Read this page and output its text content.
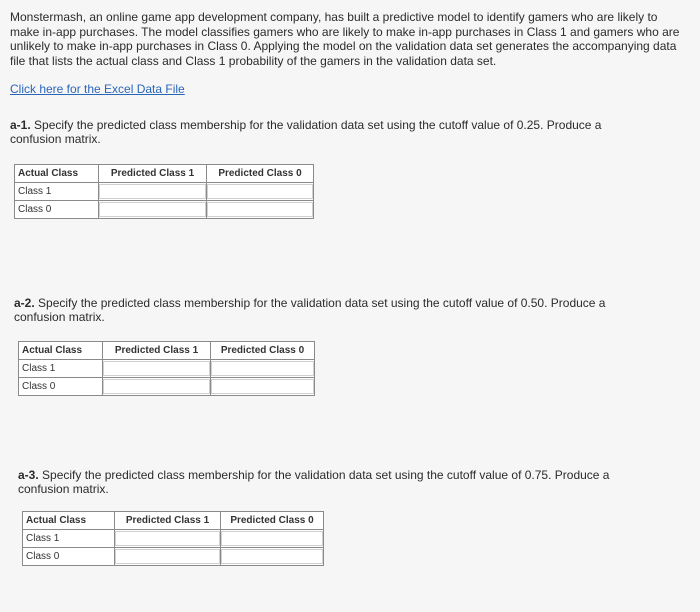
Monstermash, an online game app development company, has built a predictive model to identify gamers who are likely to make in-app purchases. The model classifies gamers who are likely to make in-app purchases in Class 1 and gamers who are unlikely to make in-app purchases in Class 0. Applying the model on the validation data set generates the accompanying data file that lists the actual class and Class 1 probability of the gamers in the validation data set.

Click here for the Excel Data File

a-1. Specify the predicted class membership for the validation data set using the cutoff value of 0.25. Produce a confusion matrix.

Actual Class	Predicted Class 1	Predicted Class 0
Class 1	

Class 0	

a-2. Specify the predicted class membership for the validation data set using the cutoff value of 0.50. Produce a confusion matrix.

Actual Class	Predicted Class 1	Predicted Class 0
Class 1	

Class 0	

a-3. Specify the predicted class membership for the validation data set using the cutoff value of 0.75. Produce a confusion matrix.

Actual Class	Predicted Class 1	Predicted Class 0
Class 1	

Class 0	
